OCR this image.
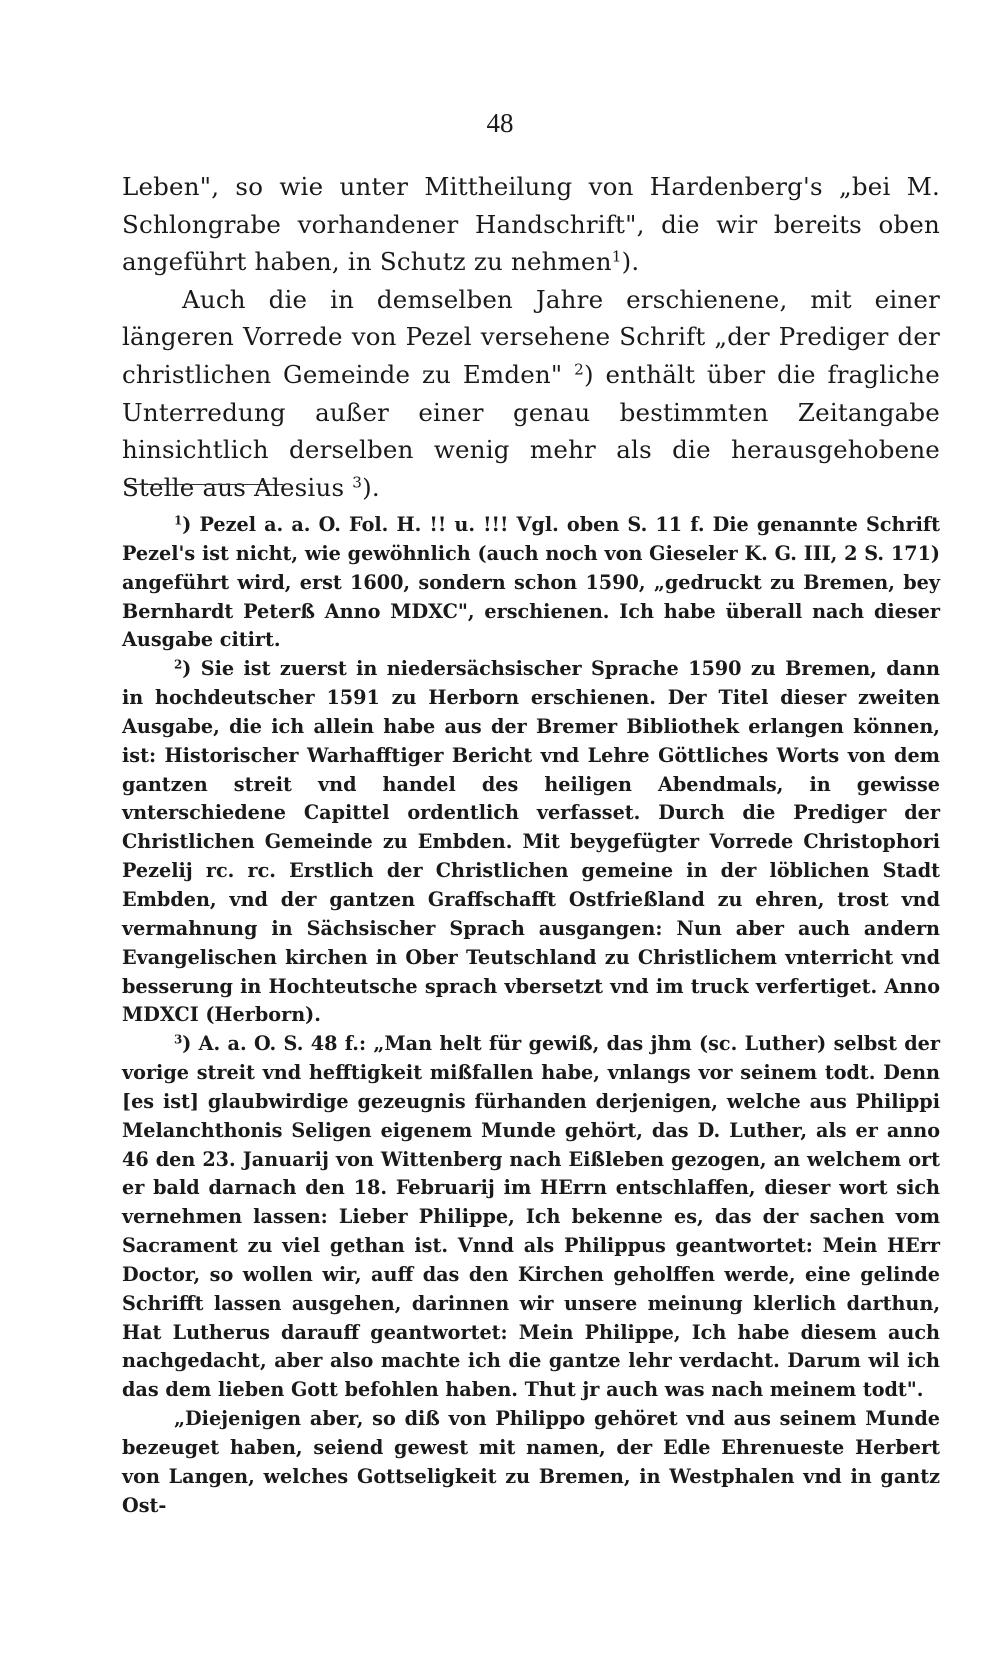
48

Leben", so wie unter Mittheilung von Hardenberg's „bei M. Schlongrabe vorhandener Handschrift", die wir bereits oben angeführt haben, in Schutz zu nehmen$^1$).

Auch die in demselben Jahre erschienene, mit einer längeren Vorrede von Pezel versehene Schrift „der Prediger der christlichen Gemeinde zu Emden" $^2$) enthält über die fragliche Unterredung außer einer genau bestimmten Zeitangabe hinsichtlich derselben wenig mehr als die herausgehobene Stelle aus Alesius $^3$).

$^1$) Pezel a. a. O. Fol. H. !! u. !!! Vgl. oben S. 11 f. Die genannte Schrift Pezel's ist nicht, wie gewöhnlich (auch noch von Gieseler K. G. III, 2 S. 171) angeführt wird, erst 1600, sondern schon 1590, „gedruckt zu Bremen, bey Bernhardt Peterß Anno MDXC", erschienen. Ich habe überall nach dieser Ausgabe citirt.

$^2$) Sie ist zuerst in niedersächsischer Sprache 1590 zu Bremen, dann in hochdeutscher 1591 zu Herborn erschienen. Der Titel dieser zweiten Ausgabe, die ich allein habe aus der Bremer Bibliothek erlangen können, ist: Historischer Warhafftiger Bericht vnd Lehre Göttliches Worts von dem gantzen streit vnd handel des heiligen Abendmals, in gewisse vnterschiedene Capittel ordentlich verfasset. Durch die Prediger der Christlichen Gemeinde zu Embden. Mit beygefügter Vorrede Christophori Pezelij rc. rc. Erstlich der Christlichen gemeine in der löblichen Stadt Embden, vnd der gantzen Graffschafft Ostfrießland zu ehren, trost vnd vermahnung in Sächsischer Sprach ausgangen: Nun aber auch andern Evangelischen kirchen in Ober Teutschland zu Christlichem vnterricht vnd besserung in Hochteutsche sprach vbersetzt vnd im truck verfertiget. Anno MDXCI (Herborn).

$^3$) A. a. O. S. 48 f.: „Man helt für gewiß, das jhm (sc. Luther) selbst der vorige streit vnd hefftigkeit mißfallen habe, vnlangs vor seinem todt. Denn [es ist] glaubwirdige gezeugnis fürhanden derjenigen, welche aus Philippi Melanchthonis Seligen eigenem Munde gehört, das D. Luther, als er anno 46 den 23. Januarij von Wittenberg nach Eißleben gezogen, an welchem ort er bald darnach den 18. Februarij im HErrn entschlaffen, dieser wort sich vernehmen lassen: Lieber Philippe, Ich bekenne es, das der sachen vom Sacrament zu viel gethan ist. Vnnd als Philippus geantwortet: Mein HErr Doctor, so wollen wir, auff das den Kirchen geholffen werde, eine gelinde Schrifft lassen ausgehen, darinnen wir unsere meinung klerlich darthun, Hat Lutherus darauff geantwortet: Mein Philippe, Ich habe diesem auch nachgedacht, aber also machte ich die gantze lehr verdacht. Darum wil ich das dem lieben Gott befohlen haben. Thut jr auch was nach meinem todt".

„Diejenigen aber, so diß von Philippo gehöret vnd aus seinem Munde bezeuget haben, seiend gewest mit namen, der Edle Ehrenueste Herbert von Langen, welches Gottseligkeit zu Bremen, in Westphalen vnd in gantz Ost-
